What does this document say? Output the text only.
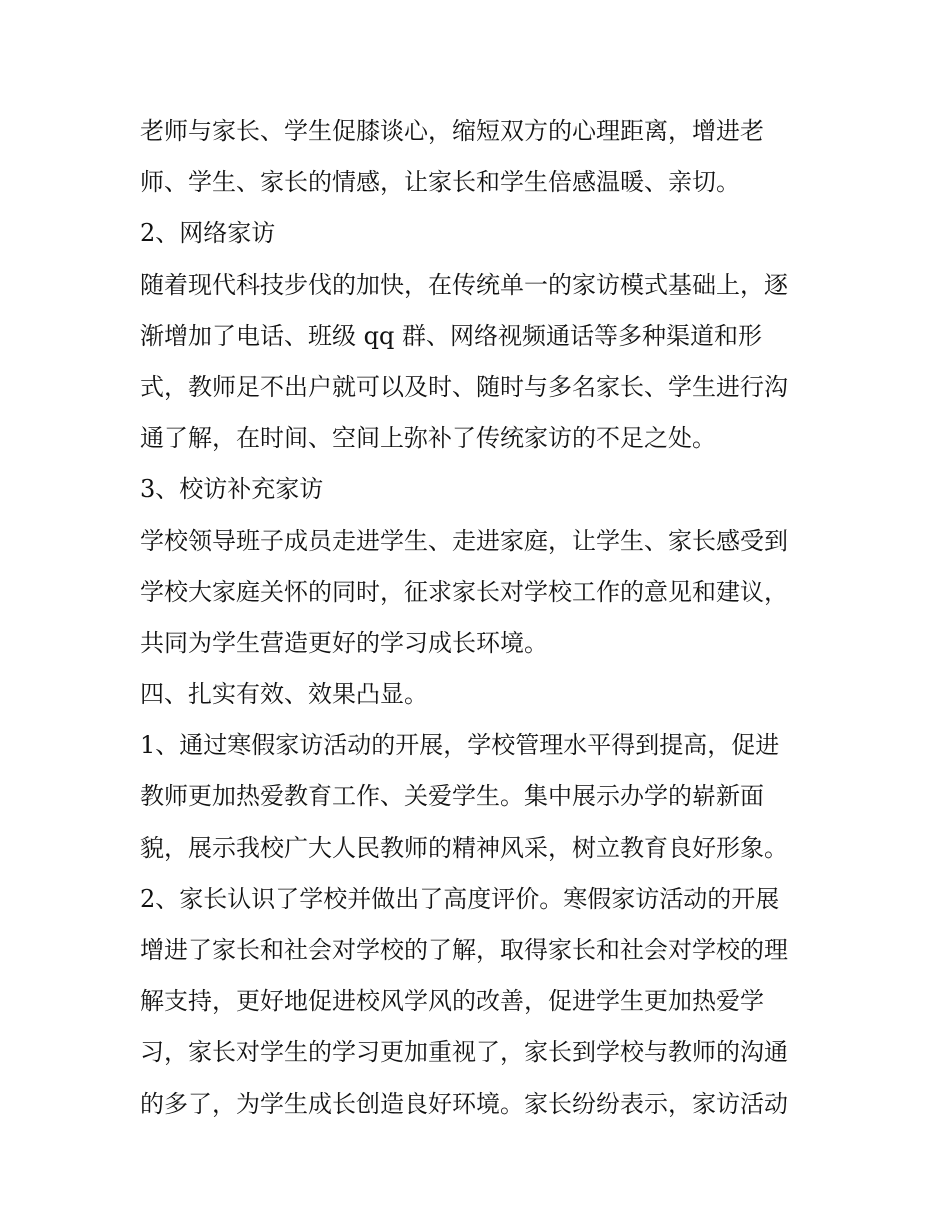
老师与家长、学生促膝谈心，缩短双方的心理距离，增进老
师、学生、家长的情感，让家长和学生倍感温暖、亲切。
2、网络家访
随着现代科技步伐的加快，在传统单一的家访模式基础上，逐
渐增加了电话、班级 qq 群、网络视频通话等多种渠道和形
式，教师足不出户就可以及时、随时与多名家长、学生进行沟
通了解，在时间、空间上弥补了传统家访的不足之处。
3、校访补充家访
学校领导班子成员走进学生、走进家庭，让学生、家长感受到
学校大家庭关怀的同时，征求家长对学校工作的意见和建议，
共同为学生营造更好的学习成长环境。
四、扎实有效、效果凸显。
1、通过寒假家访活动的开展，学校管理水平得到提高，促进
教师更加热爱教育工作、关爱学生。集中展示办学的崭新面
貌，展示我校广大人民教师的精神风采，树立教育良好形象。
2、家长认识了学校并做出了高度评价。寒假家访活动的开展
增进了家长和社会对学校的了解，取得家长和社会对学校的理
解支持，更好地促进校风学风的改善，促进学生更加热爱学
习，家长对学生的学习更加重视了，家长到学校与教师的沟通
的多了，为学生成长创造良好环境。家长纷纷表示，家访活动
